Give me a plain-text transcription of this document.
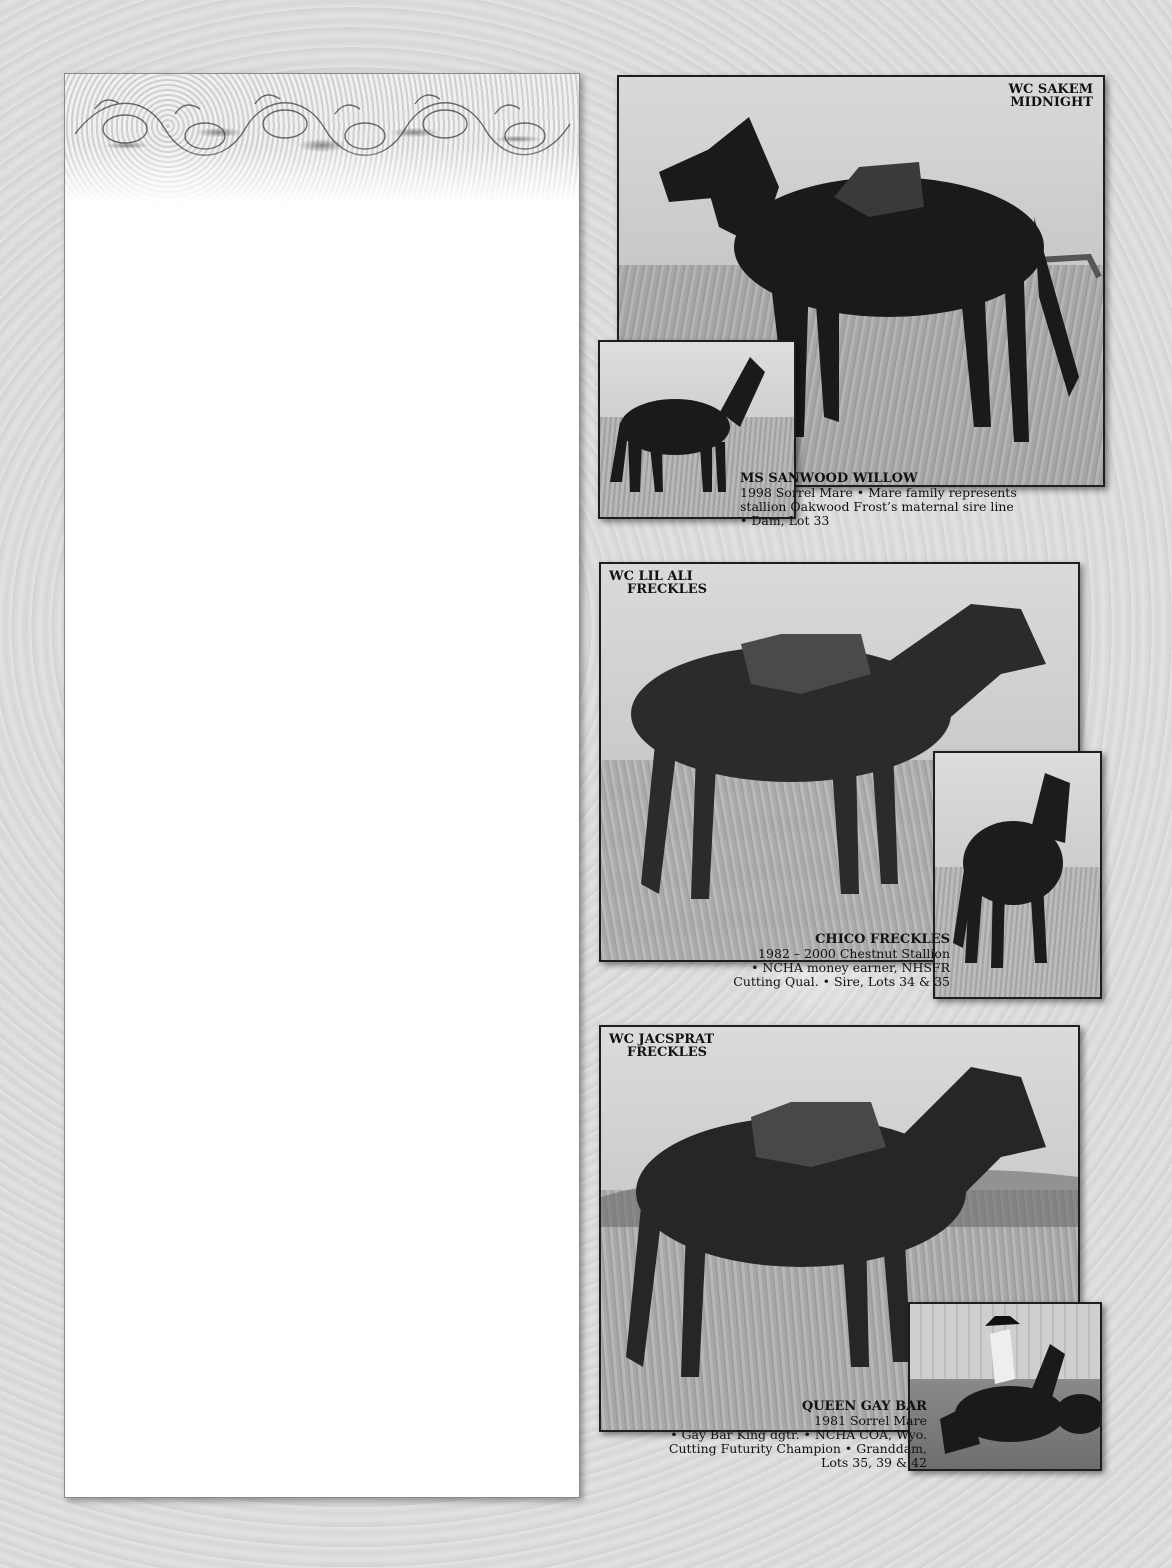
WC SAKEM
MIDNIGHT
MS SANWOOD WILLOW
1998 Sorrel Mare • Mare family represents
stallion Oakwood Frost’s maternal sire line
• Dam, Lot 33
WC LIL ALI
FRECKLES
CHICO FRECKLES
1982 – 2000 Chestnut Stallion
• NCHA money earner, NHSFR
Cutting Qual. • Sire, Lots 34 & 35
WC JACSPRAT
FRECKLES
QUEEN GAY BAR
1981 Sorrel Mare
• Gay Bar King dgtr. • NCHA COA, Wyo.
Cutting Futurity Champion • Granddam,
Lots 35, 39 & 42
